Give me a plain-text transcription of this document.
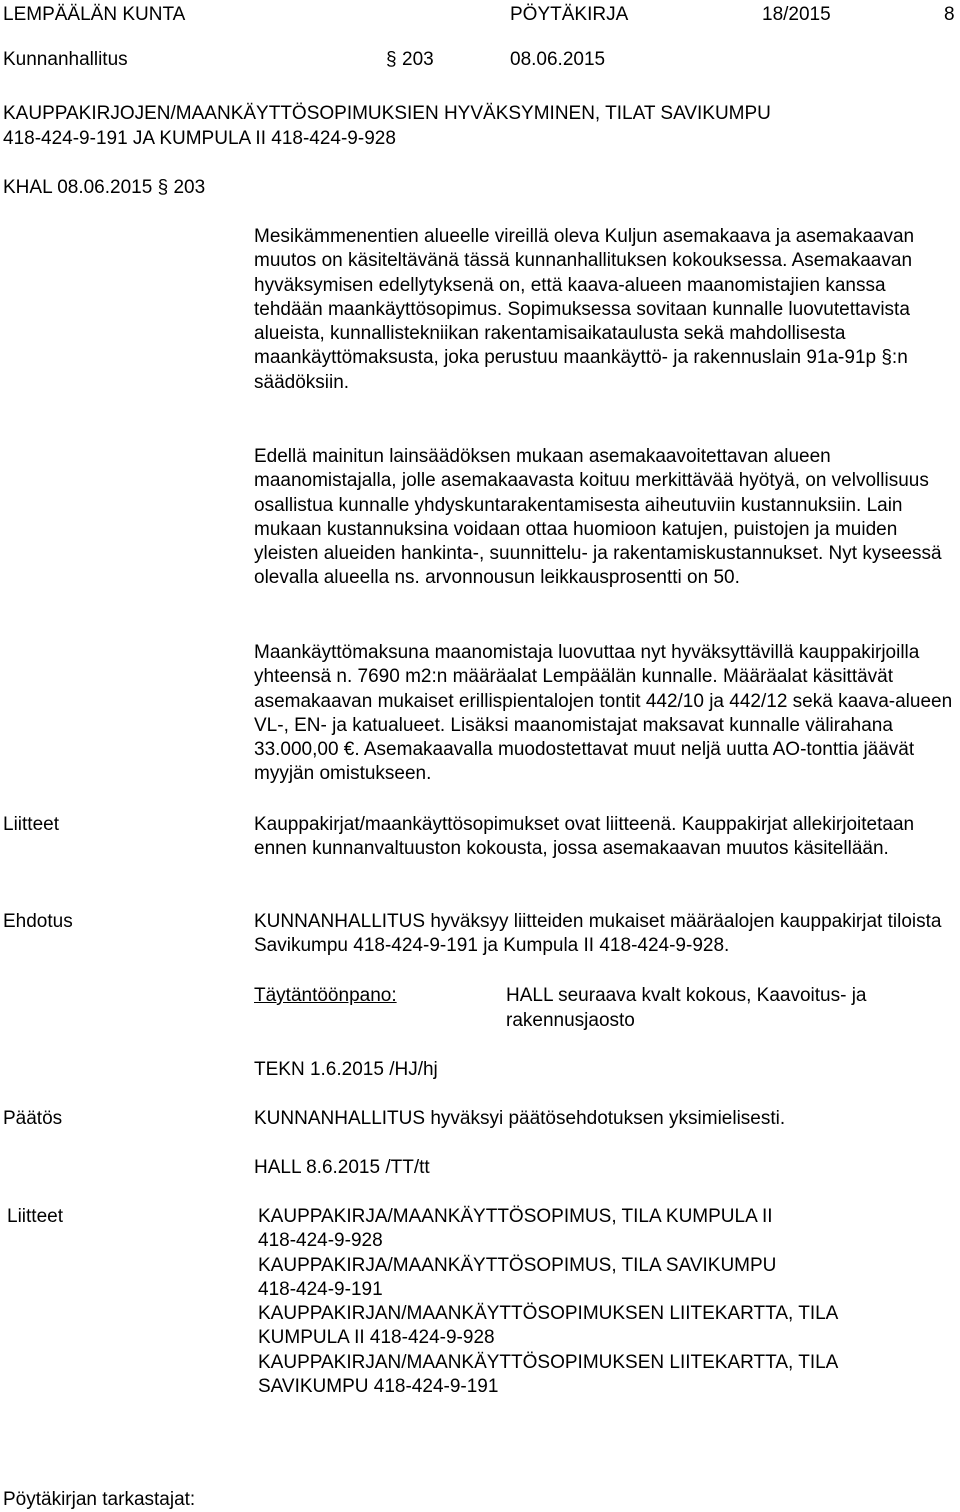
LEMPÄÄLÄN KUNTA	PÖYTÄKIRJA	18/2015	8
Kunnanhallitus	§ 203	08.06.2015
KAUPPAKIRJOJEN/MAANKÄYTTÖSOPIMUKSIEN HYVÄKSYMINEN, TILAT SAVIKUMPU
418-424-9-191 JA KUMPULA II 418-424-9-928
KHAL 08.06.2015 § 203

Mesikämmenentien alueelle vireillä oleva Kuljun asemakaava ja asemakaavan muutos on käsiteltävänä tässä kunnanhallituksen kokouksessa. Asemakaavan hyväksymisen edellytyksenä on, että kaava-alueen maanomistajien kanssa tehdään maankäyttösopimus. Sopimuksessa sovitaan kunnalle luovutettavista alueista, kunnallistekniikan rakentamisaikataulusta sekä mahdollisesta maankäyttömaksusta, joka perustuu maankäyttö- ja rakennuslain 91a-91p §:n säädöksiin.

Edellä mainitun lainsäädöksen mukaan asemakaavoitettavan alueen maanomistajalla, jolle asemakaavasta koituu merkittävää hyötyä, on velvollisuus osallistua kunnalle yhdyskuntarakentamisesta aiheutuviin kustannuksiin. Lain mukaan kustannuksina voidaan ottaa huomioon katujen, puistojen ja muiden yleisten alueiden hankinta-, suunnittelu- ja rakentamiskustannukset. Nyt kyseessä olevalla alueella ns. arvonnousun leikkausprosentti on 50.

Maankäyttömaksuna maanomistaja luovuttaa nyt hyväksyttävillä kauppakirjoilla yhteensä n. 7690 m2:n määräalat Lempäälän kunnalle. Määräalat käsittävät asemakaavan mukaiset erillispientalojen tontit 442/10 ja 442/12 sekä kaava-alueen VL-, EN- ja katualueet. Lisäksi maanomistajat maksavat kunnalle välirahana 33.000,00 €. Asemakaavalla muodostettavat muut neljä uutta AO-tonttia jäävät myyjän omistukseen.

Liitteet	Kauppakirjat/maankäyttösopimukset ovat liitteenä. Kauppakirjat allekirjoitetaan ennen kunnanvaltuuston kokousta, jossa asemakaavan muutos käsitellään.

Ehdotus	KUNNANHALLITUS hyväksyy liitteiden mukaiset määräalojen kauppakirjat tiloista Savikumpu 418-424-9-191 ja Kumpula II 418-424-9-928.

Täytäntöönpano:	HALL seuraava kvalt kokous, Kaavoitus- ja
rakennusjaosto
TEKN 1.6.2015 /HJ/hj
Päätös	KUNNANHALLITUS hyväksyi päätösehdotuksen yksimielisesti.
HALL 8.6.2015 /TT/tt
Liitteet	KAUPPAKIRJA/MAANKÄYTTÖSOPIMUS, TILA KUMPULA II
418-424-9-928
KAUPPAKIRJA/MAANKÄYTTÖSOPIMUS, TILA SAVIKUMPU
418-424-9-191
KAUPPAKIRJAN/MAANKÄYTTÖSOPIMUKSEN LIITEKARTTA, TILA
KUMPULA II 418-424-9-928
KAUPPAKIRJAN/MAANKÄYTTÖSOPIMUKSEN LIITEKARTTA, TILA
SAVIKUMPU 418-424-9-191
Pöytäkirjan tarkastajat:
